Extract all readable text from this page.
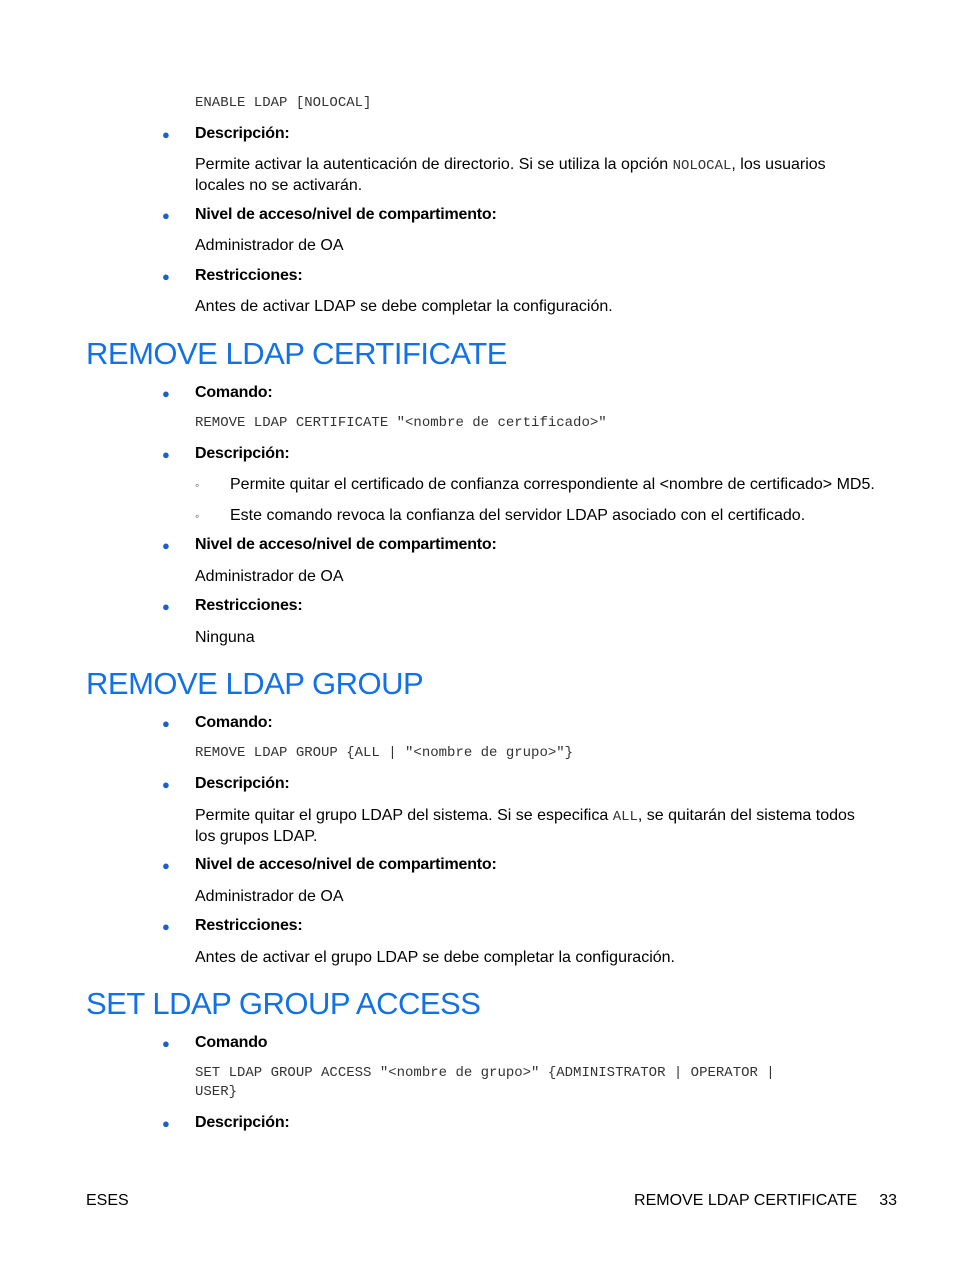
ENABLE LDAP [NOLOCAL]
● Descripción:
Permite activar la autenticación de directorio. Si se utiliza la opción NOLOCAL, los usuarios
locales no se activarán.
● Nivel de acceso/nivel de compartimento:
Administrador de OA
● Restricciones:
Antes de activar LDAP se debe completar la configuración.
REMOVE LDAP CERTIFICATE
● Comando:
REMOVE LDAP CERTIFICATE "<nombre de certificado>"
● Descripción:
◦ Permite quitar el certificado de confianza correspondiente al <nombre de certificado> MD5.
◦ Este comando revoca la confianza del servidor LDAP asociado con el certificado.
● Nivel de acceso/nivel de compartimento:
Administrador de OA
● Restricciones:
Ninguna
REMOVE LDAP GROUP
● Comando:
REMOVE LDAP GROUP {ALL | "<nombre de grupo>"}
● Descripción:
Permite quitar el grupo LDAP del sistema. Si se especifica ALL, se quitarán del sistema todos
los grupos LDAP.
● Nivel de acceso/nivel de compartimento:
Administrador de OA
● Restricciones:
Antes de activar el grupo LDAP se debe completar la configuración.
SET LDAP GROUP ACCESS
● Comando
SET LDAP GROUP ACCESS "<nombre de grupo>" {ADMINISTRATOR | OPERATOR |
USER}
● Descripción:
ESES	REMOVE LDAP CERTIFICATE 33
